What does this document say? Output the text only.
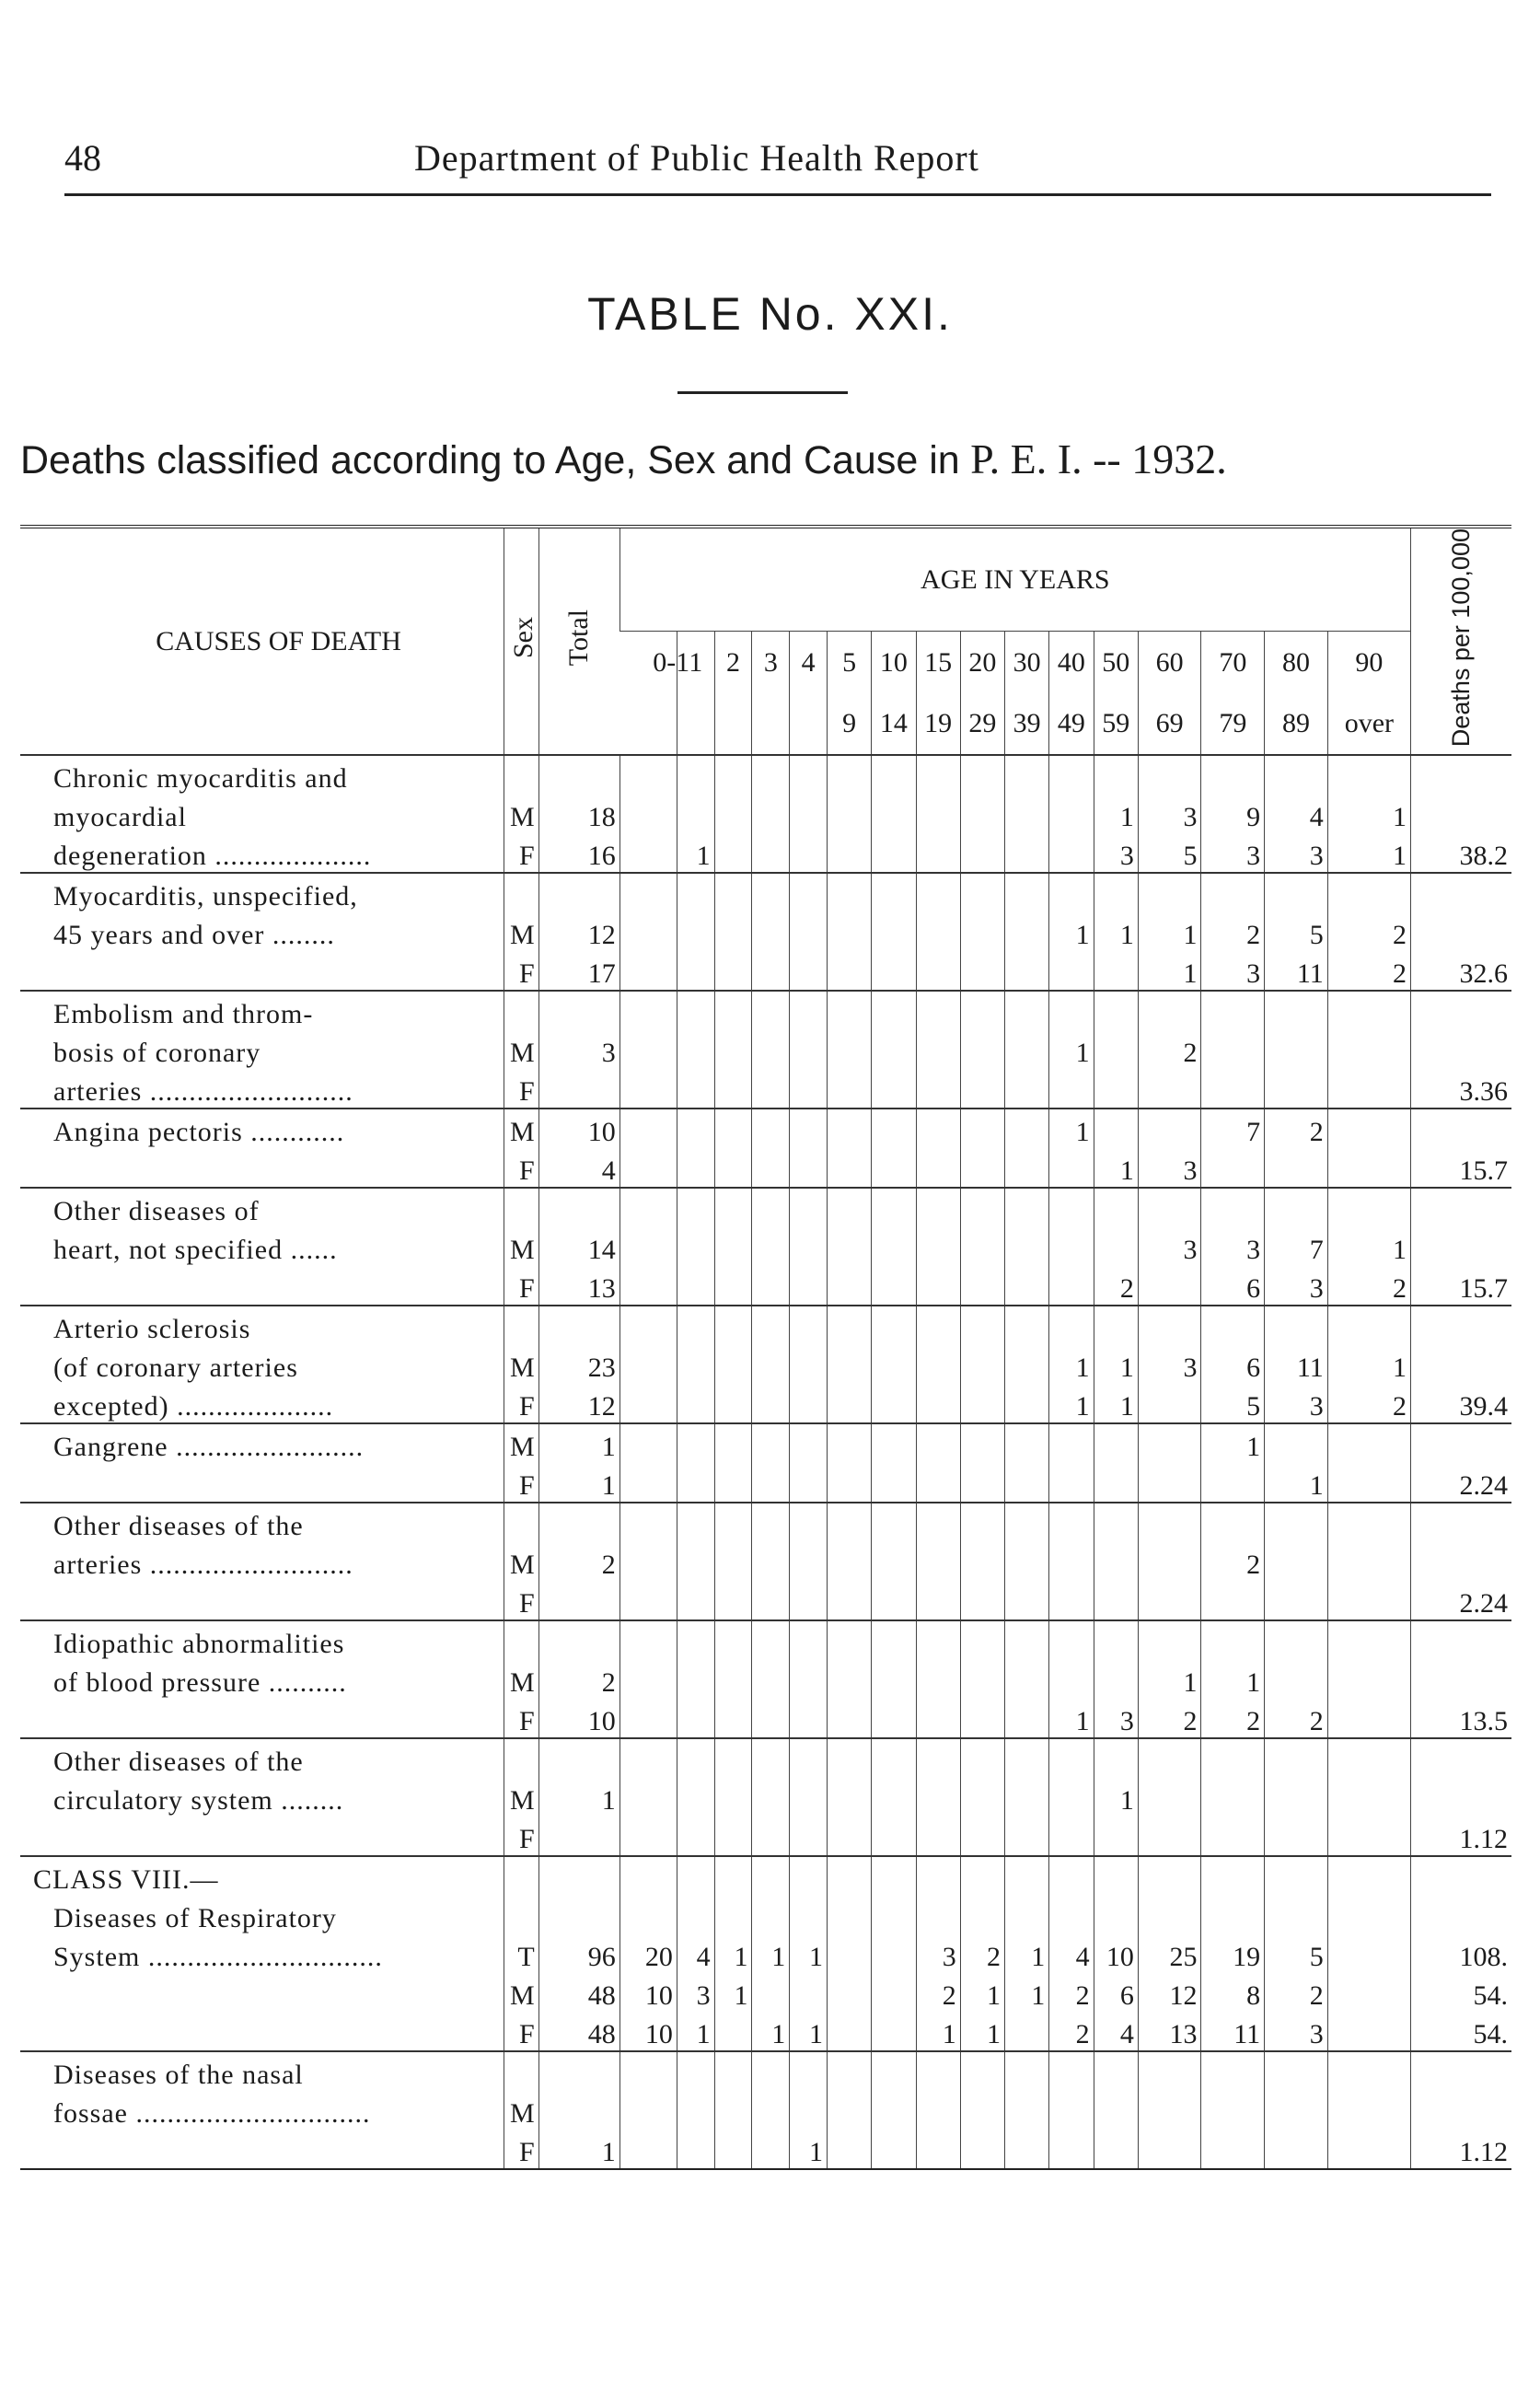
48	Department of Public Health Report
TABLE No. XXI.
Deaths classified according to Age, Sex and Cause in P. E. I. -- 1932.
CAUSES OF DEATH	Sex	Total	AGE IN YEARS																Deaths per 100,000
			0-1	1	2	3	4	5	10	15	20	30	40	50	60	70	80	90	
								9	14	19	29	39	49	59	69	79	89	over	
Chronic myocarditis and																			
myocardial	M	18												1	3	9	4	1	
degeneration ....................	F	16		1										3	5	3	3	1	38.2
Myocarditis, unspecified,																			
45 years and over ........	M	12											1	1	1	2	5	2	
	F	17													1	3	11	2	32.6
Embolism and throm-																			
bosis of coronary	M	3											1		2				
arteries ..........................	F																		3.36
Angina pectoris ............	M	10											1			7	2		
	F	4												1	3				15.7
Other diseases of																			
heart, not specified ......	M	14													3	3	7	1	
	F	13												2		6	3	2	15.7
Arterio sclerosis																			
(of coronary arteries	M	23											1	1	3	6	11	1	
excepted) ....................	F	12											1	1		5	3	2	39.4
Gangrene ........................	M	1														1			
	F	1															1		2.24
Other diseases of the																			
arteries ..........................	M	2														2			
	F																		2.24
Idiopathic abnormalities																			
of blood pressure ..........	M	2													1	1			
	F	10											1	3	2	2	2		13.5
Other diseases of the																			
circulatory system ........	M	1												1					
	F																		1.12
CLASS VIII.—																			
Diseases of Respiratory																			
System ..............................	T	96	20	4	1	1	1			3	2	1	4	10	25	19	5		108.
	M	48	10	3	1					2	1	1	2	6	12	8	2		54.
	F	48	10	1		1	1			1	1		2	4	13	11	3		54.
Diseases of the nasal																			
fossae ..............................	M																		
	F	1					1												1.12
